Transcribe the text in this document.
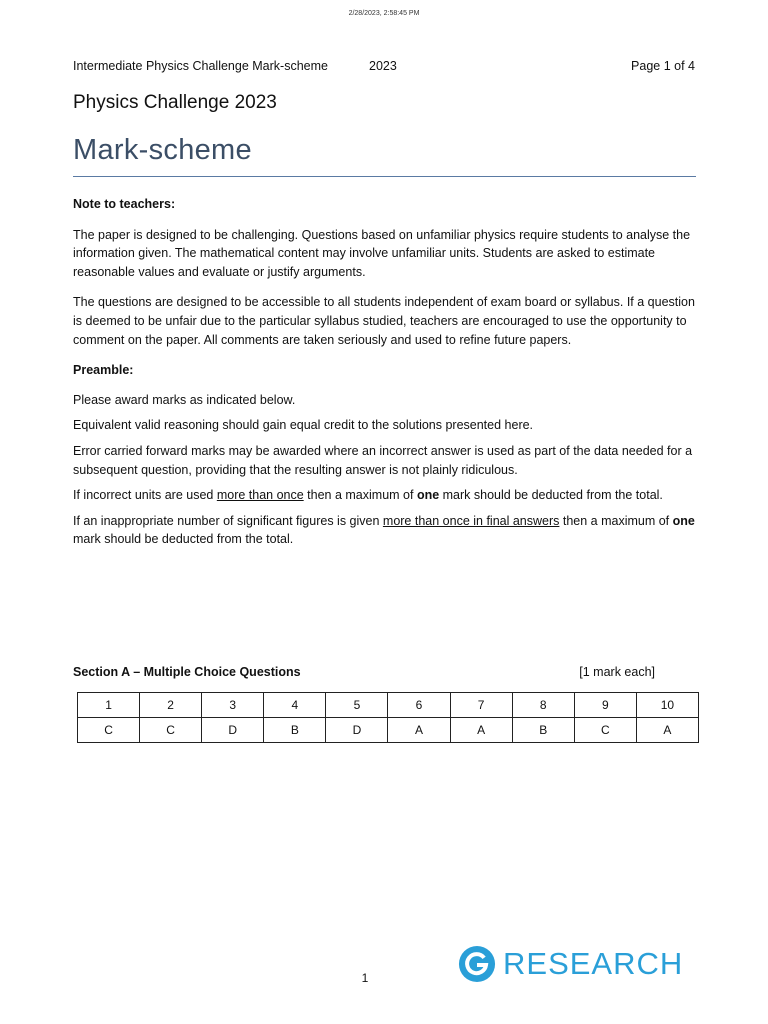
2/28/2023, 2:58:45 PM
Intermediate Physics Challenge Mark-scheme	2023	Page 1 of 4
Physics Challenge 2023
Mark-scheme

Note to teachers:

The paper is designed to be challenging. Questions based on unfamiliar physics require students to analyse the information given. The mathematical content may involve unfamiliar units. Students are asked to estimate reasonable values and evaluate or justify arguments.

The questions are designed to be accessible to all students independent of exam board or syllabus. If a question is deemed to be unfair due to the particular syllabus studied, teachers are encouraged to use the opportunity to comment on the paper. All comments are taken seriously and used to refine future papers.

Preamble:

Please award marks as indicated below.

Equivalent valid reasoning should gain equal credit to the solutions presented here.

Error carried forward marks may be awarded where an incorrect answer is used as part of the data needed for a subsequent question, providing that the resulting answer is not plainly ridiculous.

If incorrect units are used more than once then a maximum of one mark should be deducted from the total.

If an inappropriate number of significant figures is given more than once in final answers then a maximum of one mark should be deducted from the total.

Section A – Multiple Choice Questions	[1 mark each]
1	2	3	4	5	6	7	8	9	10
C	C	D	B	D	A	A	B	C	A
1	RESEARCH
